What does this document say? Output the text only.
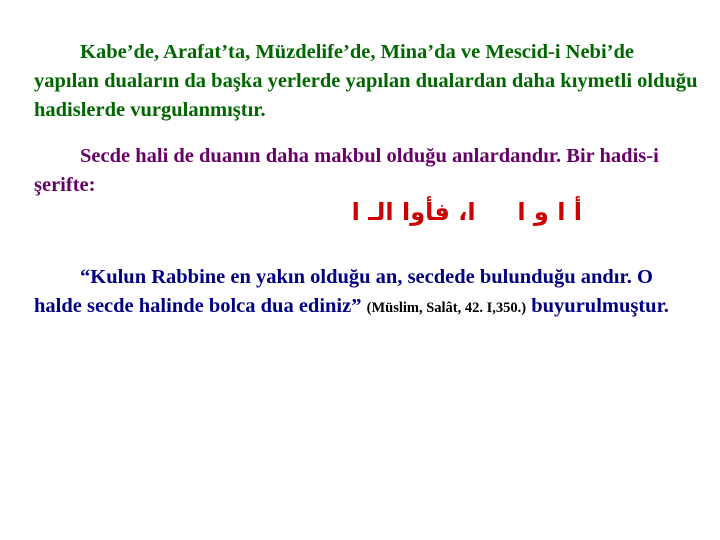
Kabe’de, Arafat’ta, Müzdelife’de, Mina’da ve Mescid-i Nebi’de yapılan duaların da başka yerlerde yapılan dualardan daha kıymetli olduğu hadislerde vurgulanmıştır.

Secde hali de duanın daha makbul olduğu anlardandır. Bir hadis-i şerifte:

أ ا و ا     ا، فأوا الـ ا

“Kulun Rabbine en yakın olduğu an, secdede bulunduğu andır. O halde secde halinde bolca dua ediniz” (Müslim, Salât, 42. I,350.) buyurulmuştur.
